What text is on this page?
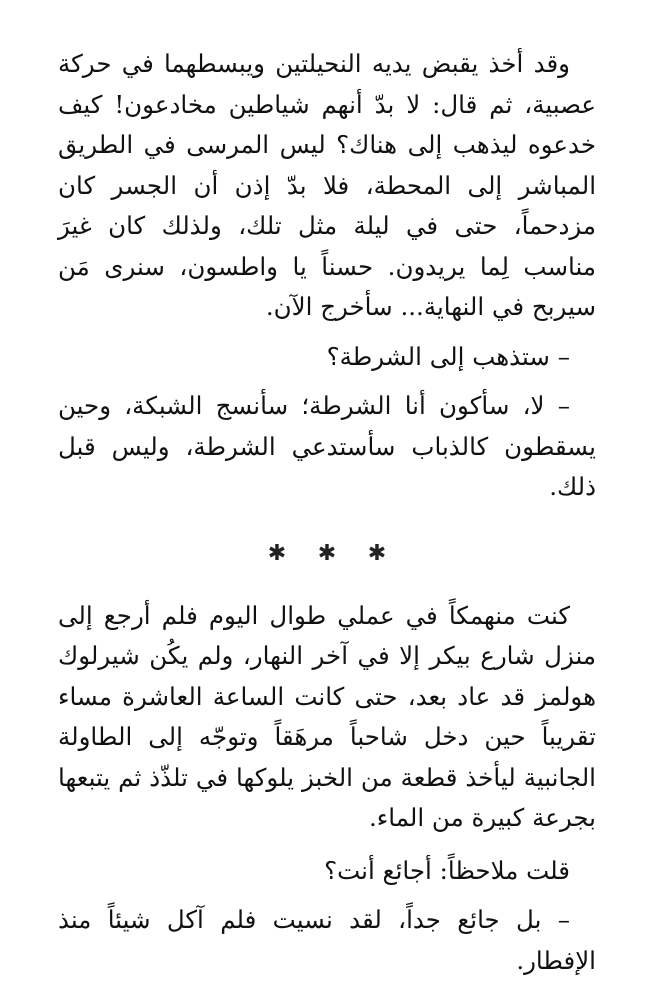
وقد أخذ يقبض يديه النحيلتين ويبسطهما في حركة عصبية، ثم قال: لا بدّ أنهم شياطين مخادعون! كيف خدعوه ليذهب إلى هناك؟ ليس المرسى في الطريق المباشر إلى المحطة، فلا بدّ إذن أن الجسر كان مزدحماً، حتى في ليلة مثل تلك، ولذلك كان غيرَ مناسب لِما يريدون. حسناً يا واطسون، سنرى مَن سيربح في النهاية... سأخرج الآن.

– ستذهب إلى الشرطة؟

– لا، سأكون أنا الشرطة؛ سأنسج الشبكة، وحين يسقطون كالذباب سأستدعي الشرطة، وليس قبل ذلك.

✱ ✱ ✱

كنت منهمكاً في عملي طوال اليوم فلم أرجع إلى منزل شارع بيكر إلا في آخر النهار، ولم يكُن شيرلوك هولمز قد عاد بعد، حتى كانت الساعة العاشرة مساء تقريباً حين دخل شاحباً مرهَقاً وتوجّه إلى الطاولة الجانبية ليأخذ قطعة من الخبز يلوكها في تلذّذ ثم يتبعها بجرعة كبيرة من الماء.

قلت ملاحظاً: أجائع أنت؟

– بل جائع جداً، لقد نسيت فلم آكل شيئاً منذ الإفطار.
